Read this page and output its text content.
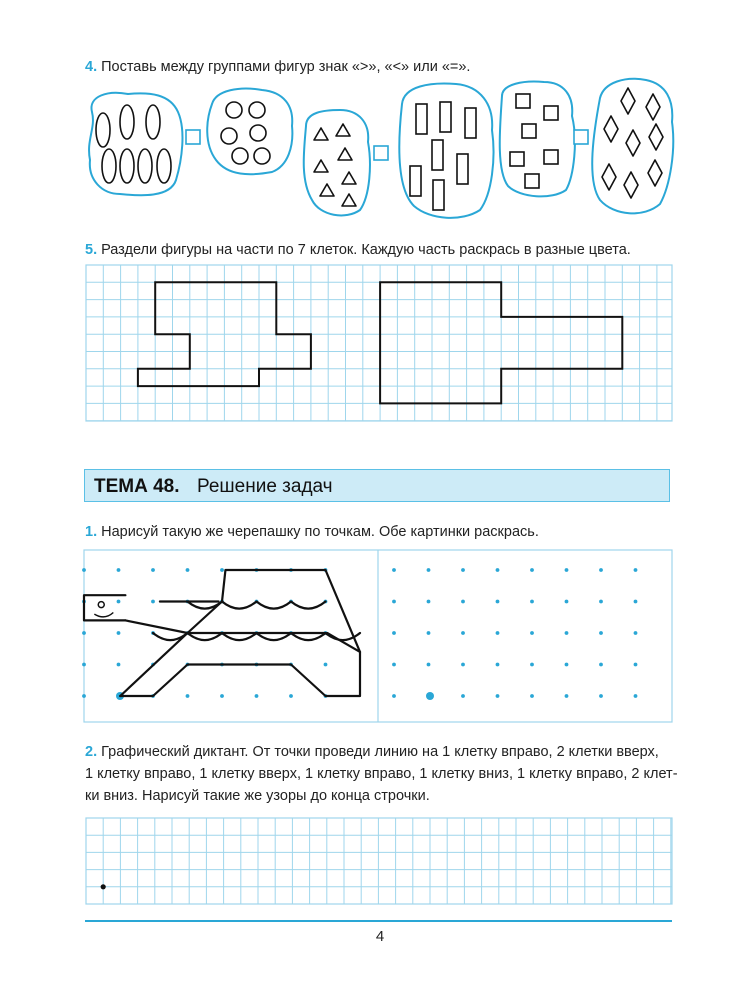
4. Поставь между группами фигур знак «>», «<» или «=».
5. Раздели фигуры на части по 7 клеток. Каждую часть раскрась в разные цвета.
ТЕМА 48. Решение задач
1. Нарисуй такую же черепашку по точкам. Обе картинки раскрась.
2. Графический диктант. От точки проведи линию на 1 клетку вправо, 2 клетки вверх,
1 клетку вправо, 1 клетку вверх, 1 клетку вправо, 1 клетку вниз, 1 клетку вправо, 2 клет-
ки вниз. Нарисуй такие же узоры до конца строчки.
4
